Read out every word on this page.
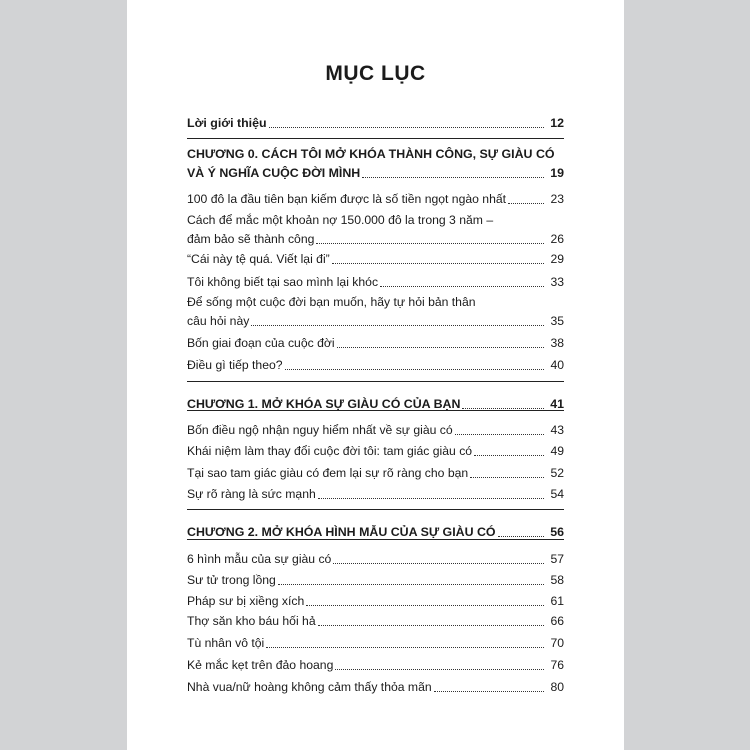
MỤC LỤC
Lời giới thiệu	12
CHƯƠNG 0. CÁCH TÔI MỞ KHÓA THÀNH CÔNG, SỰ GIÀU CÓ
VÀ Ý NGHĨA CUỘC ĐỜI MÌNH	19
100 đô la đầu tiên bạn kiếm được là số tiền ngọt ngào nhất	23
Cách để mắc một khoản nợ 150.000 đô la trong 3 năm –
đảm bảo sẽ thành công	26
“Cái này tệ quá. Viết lại đi”	29
Tôi không biết tại sao mình lại khóc	33
Để sống một cuộc đời bạn muốn, hãy tự hỏi bản thân
câu hỏi này	35
Bốn giai đoạn của cuộc đời	38
Điều gì tiếp theo?	40
CHƯƠNG 1. MỞ KHÓA SỰ GIÀU CÓ CỦA BẠN	41
Bốn điều ngộ nhận nguy hiểm nhất về sự giàu có	43
Khái niệm làm thay đổi cuộc đời tôi: tam giác giàu có	49
Tại sao tam giác giàu có đem lại sự rõ ràng cho bạn	52
Sự rõ ràng là sức mạnh	54
CHƯƠNG 2. MỞ KHÓA HÌNH MẪU CỦA SỰ GIÀU CÓ	56
6 hình mẫu của sự giàu có	57
Sư tử trong lồng	58
Pháp sư bị xiềng xích	61
Thợ săn kho báu hối hả	66
Tù nhân vô tội	70
Kẻ mắc kẹt trên đảo hoang	76
Nhà vua/nữ hoàng không cảm thấy thỏa mãn	80
